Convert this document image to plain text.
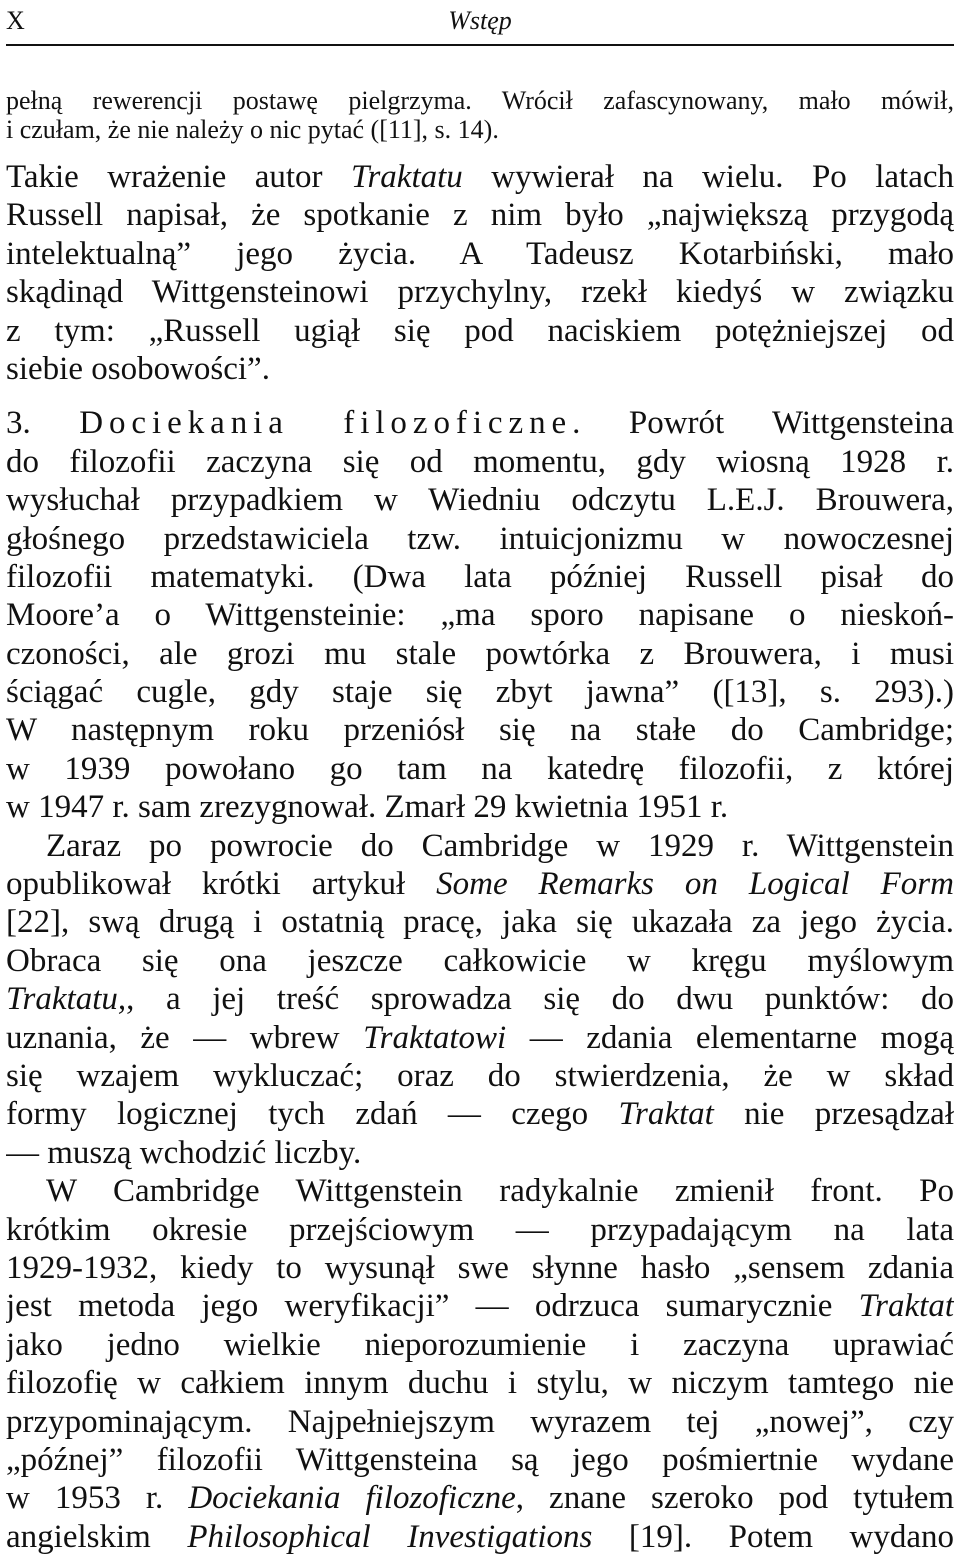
X	Wstęp
pełną rewerencji postawę pielgrzyma. Wrócił zafascynowany, mało mówił,
i czułam, że nie należy o nic pytać ([11], s. 14).
Takie wrażenie autor Traktatu wywierał na wielu. Po latach
Russell napisał, że spotkanie z nim było „największą przygodą
intelektualną” jego życia. A Tadeusz Kotarbiński, mało
skądinąd Wittgensteinowi przychylny, rzekł kiedyś w związku
z tym: „Russell ugiął się pod naciskiem potężniejszej od
siebie osobowości”.
3. Dociekania filozoficzne. Powrót Wittgensteina
do filozofii zaczyna się od momentu, gdy wiosną 1928 r.
wysłuchał przypadkiem w Wiedniu odczytu L.E.J. Brouwera,
głośnego przedstawiciela tzw. intuicjonizmu w nowoczesnej
filozofii matematyki. (Dwa lata później Russell pisał do
Moore’a o Wittgensteinie: „ma sporo napisane o nieskoń-
czoności, ale grozi mu stale powtórka z Brouwera, i musi
ściągać cugle, gdy staje się zbyt jawna” ([13], s. 293).)
W następnym roku przeniósł się na stałe do Cambridge;
w 1939 powołano go tam na katedrę filozofii, z której
w 1947 r. sam zrezygnował. Zmarł 29 kwietnia 1951 r.
Zaraz po powrocie do Cambridge w 1929 r. Wittgenstein
opublikował krótki artykuł Some Remarks on Logical Form
[22], swą drugą i ostatnią pracę, jaka się ukazała za jego życia.
Obraca się ona jeszcze całkowicie w kręgu myślowym
Traktatu,, a jej treść sprowadza się do dwu punktów: do
uznania, że — wbrew Traktatowi — zdania elementarne mogą
się wzajem wykluczać; oraz do stwierdzenia, że w skład
formy logicznej tych zdań — czego Traktat nie przesądzał
— muszą wchodzić liczby.
W Cambridge Wittgenstein radykalnie zmienił front. Po
krótkim okresie przejściowym — przypadającym na lata
1929-1932, kiedy to wysunął swe słynne hasło „sensem zdania
jest metoda jego weryfikacji” — odrzuca sumarycznie Traktat
jako jedno wielkie nieporozumienie i zaczyna uprawiać
filozofię w całkiem innym duchu i stylu, w niczym tamtego nie
przypominającym. Najpełniejszym wyrazem tej „nowej”, czy
„późnej” filozofii Wittgensteina są jego pośmiertnie wydane
w 1953 r. Dociekania filozoficzne, znane szeroko pod tytułem
angielskim Philosophical Investigations [19]. Potem wydano
